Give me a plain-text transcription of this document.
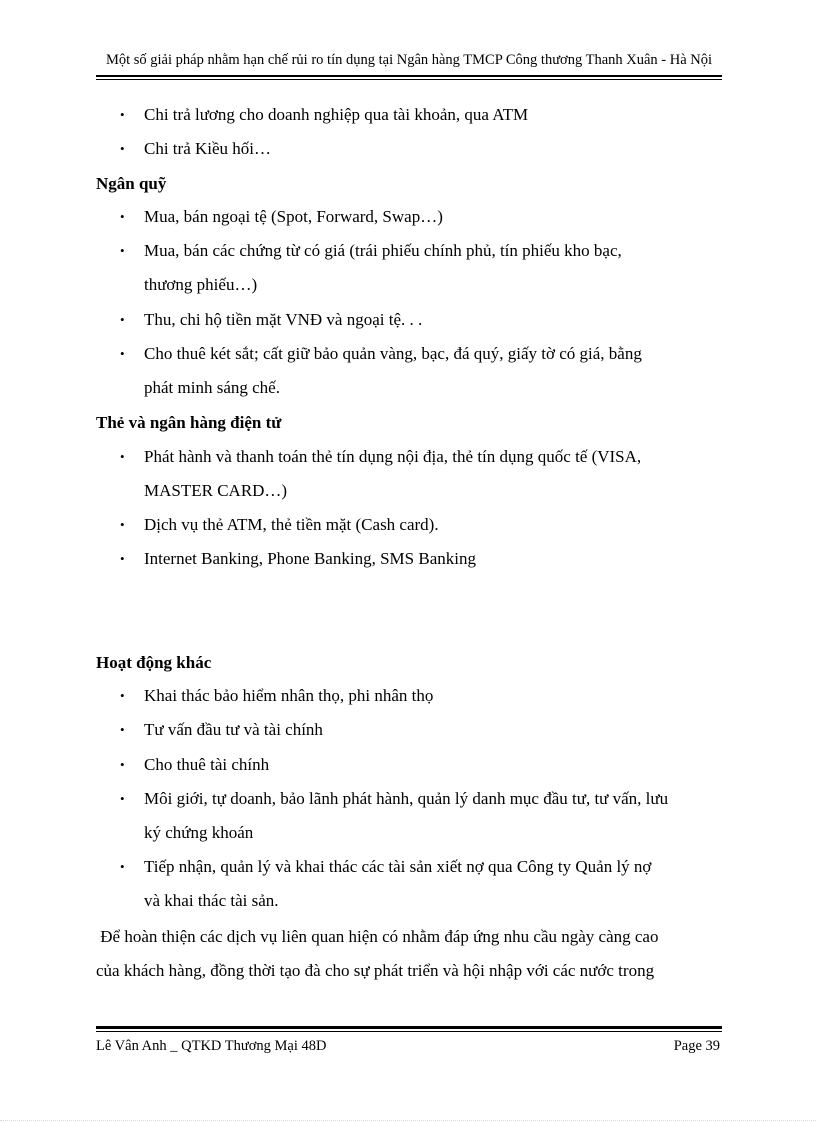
Một số giải pháp nhằm hạn chế rủi ro tín dụng tại Ngân hàng TMCP Công thương Thanh Xuân - Hà Nội
• Chi trả lương cho doanh nghiệp qua tài khoản, qua ATM
• Chi trả Kiều hối…
Ngân quỹ
• Mua, bán ngoại tệ (Spot, Forward, Swap…)
• Mua, bán các chứng từ có giá (trái phiếu chính phủ, tín phiếu kho bạc,
thương phiếu…)
• Thu, chi hộ tiền mặt VNĐ và ngoại tệ. . .
• Cho thuê két sắt; cất giữ bảo quản vàng, bạc, đá quý, giấy tờ có giá, bằng
phát minh sáng chế.
Thẻ và ngân hàng điện tử
• Phát hành và thanh toán thẻ tín dụng nội địa, thẻ tín dụng quốc tế (VISA,
MASTER CARD…)
• Dịch vụ thẻ ATM, thẻ tiền mặt (Cash card).
• Internet Banking, Phone Banking, SMS Banking
Hoạt động khác
• Khai thác bảo hiểm nhân thọ, phi nhân thọ
• Tư vấn đầu tư và tài chính
• Cho thuê tài chính
• Môi giới, tự doanh, bảo lãnh phát hành, quản lý danh mục đầu tư, tư vấn, lưu
ký chứng khoán
• Tiếp nhận, quản lý và khai thác các tài sản xiết nợ qua Công ty Quản lý nợ
và khai thác tài sản.
Để hoàn thiện các dịch vụ liên quan hiện có nhằm đáp ứng nhu cầu ngày càng cao
của khách hàng, đồng thời tạo đà cho sự phát triển và hội nhập với các nước trong
Lê Vân Anh _ QTKD Thương Mại 48D	Page 39
